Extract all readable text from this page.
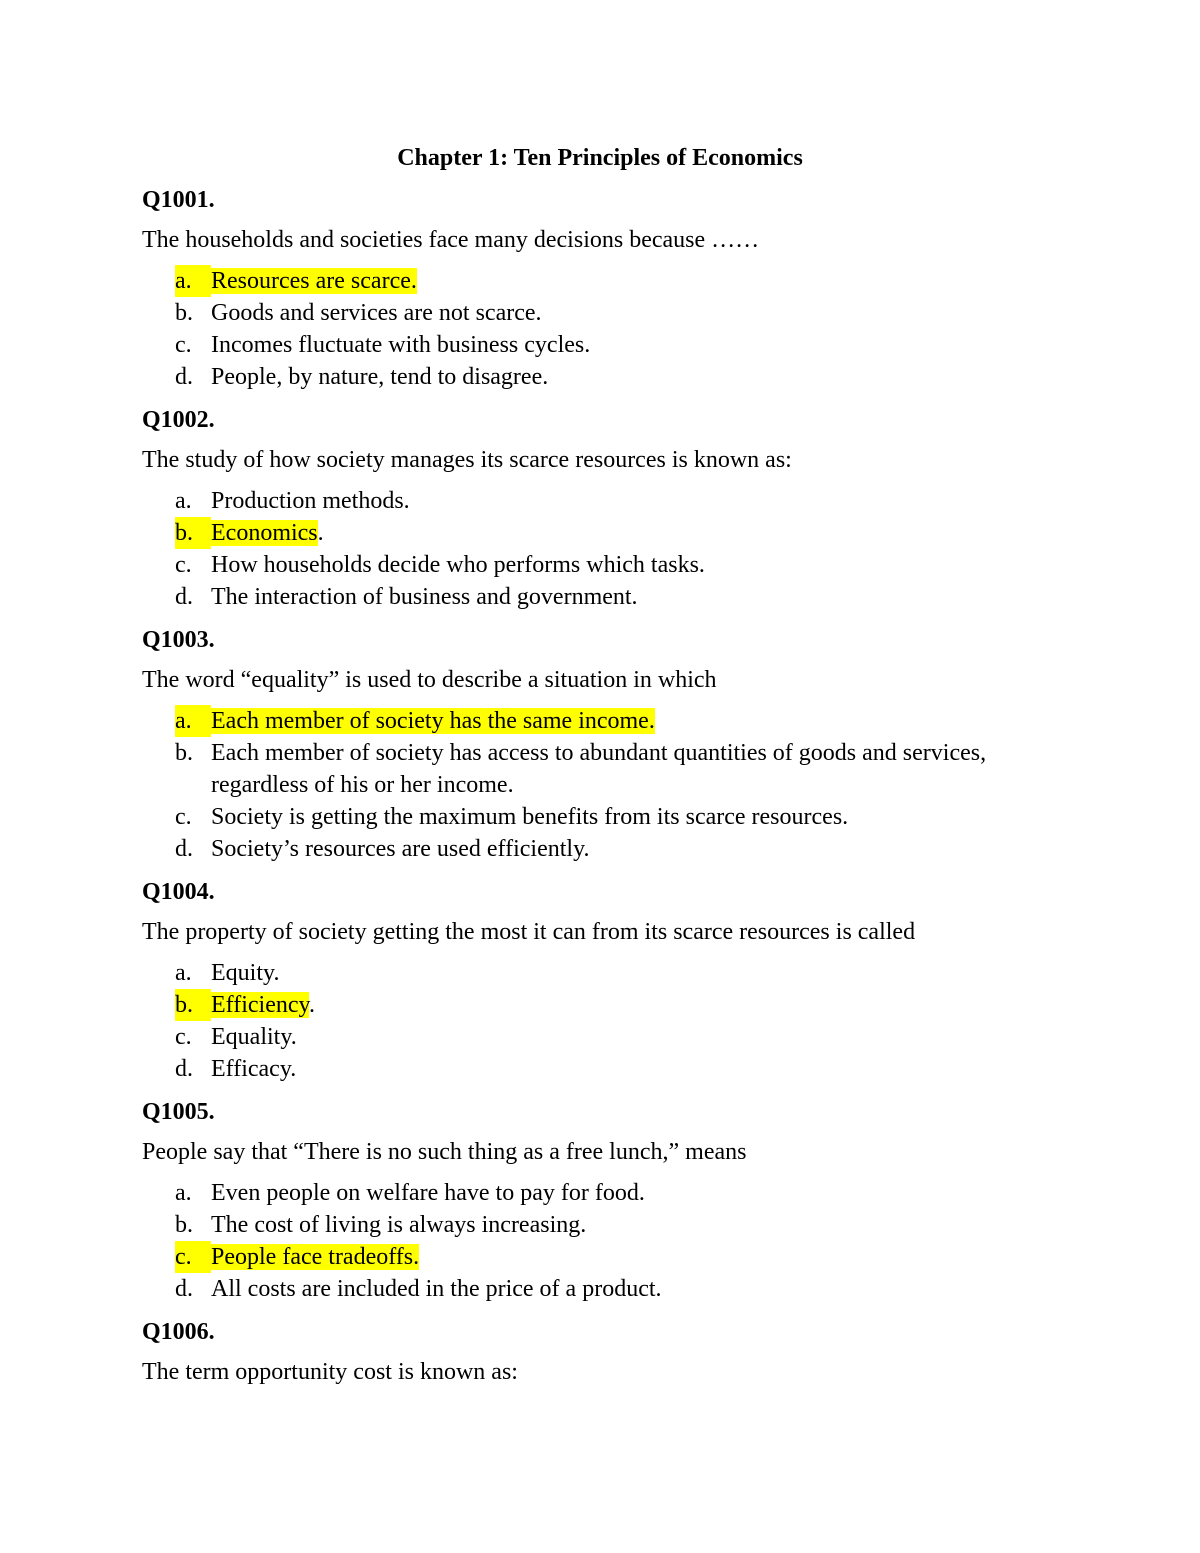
Chapter 1: Ten Principles of Economics
Q1001.
The households and societies face many decisions because ……
a. Resources are scarce.
b. Goods and services are not scarce.
c. Incomes fluctuate with business cycles.
d. People, by nature, tend to disagree.
Q1002.
The study of how society manages its scarce resources is known as:
a. Production methods.
b. Economics.
c. How households decide who performs which tasks.
d. The interaction of business and government.
Q1003.
The word “equality” is used to describe a situation in which
a. Each member of society has the same income.
b. Each member of society has access to abundant quantities of goods and services,
regardless of his or her income.
c. Society is getting the maximum benefits from its scarce resources.
d. Society’s resources are used efficiently.
Q1004.
The property of society getting the most it can from its scarce resources is called
a. Equity.
b. Efficiency.
c. Equality.
d. Efficacy.
Q1005.
People say that “There is no such thing as a free lunch,” means
a. Even people on welfare have to pay for food.
b. The cost of living is always increasing.
c. People face tradeoffs.
d. All costs are included in the price of a product.
Q1006.
The term opportunity cost is known as:
